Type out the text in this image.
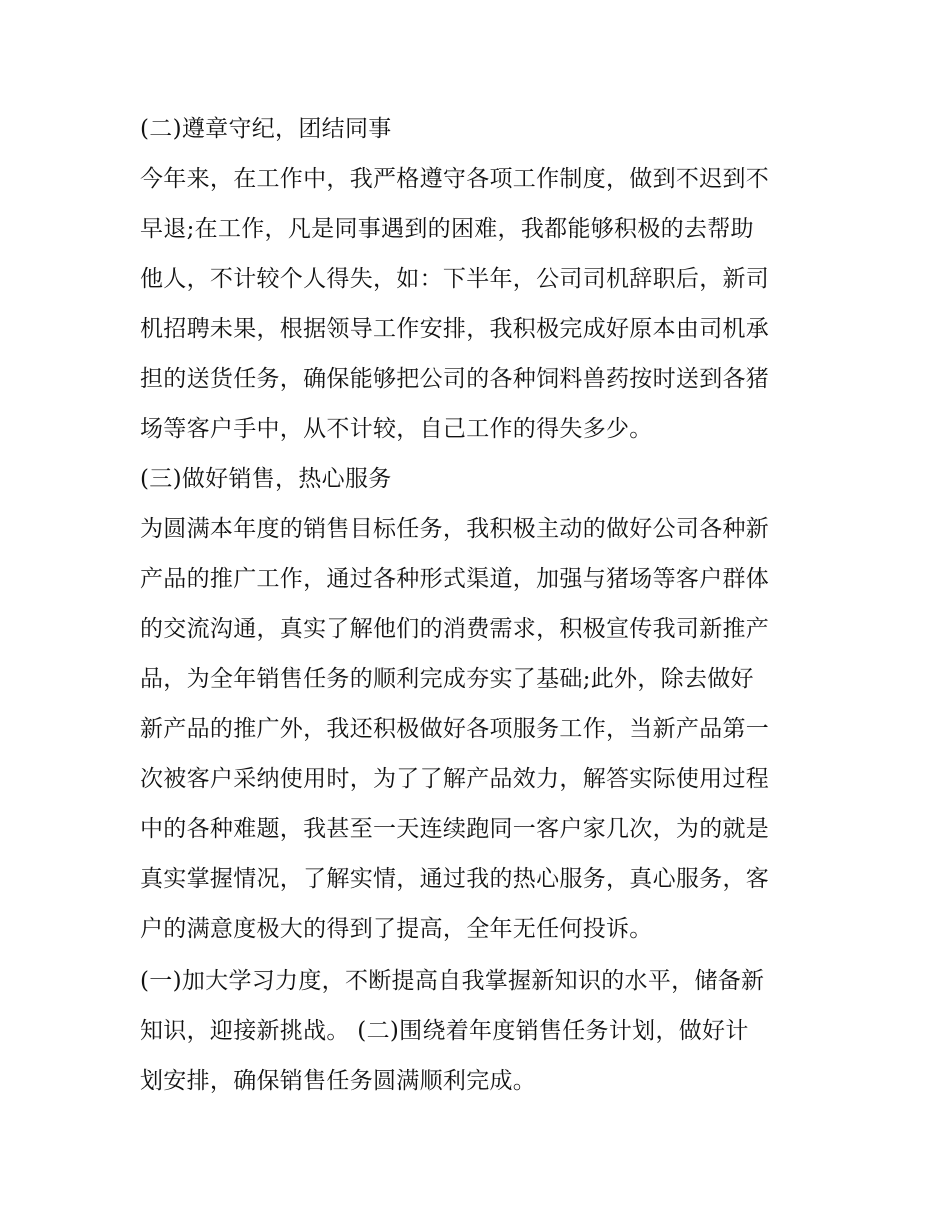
(二)遵章守纪，团结同事
今年来，在工作中，我严格遵守各项工作制度，做到不迟到不
早退;在工作，凡是同事遇到的困难，我都能够积极的去帮助
他人，不计较个人得失，如：下半年，公司司机辞职后，新司
机招聘未果，根据领导工作安排，我积极完成好原本由司机承
担的送货任务，确保能够把公司的各种饲料兽药按时送到各猪
场等客户手中，从不计较，自己工作的得失多少。
(三)做好销售，热心服务
为圆满本年度的销售目标任务，我积极主动的做好公司各种新
产品的推广工作，通过各种形式渠道，加强与猪场等客户群体
的交流沟通，真实了解他们的消费需求，积极宣传我司新推产
品，为全年销售任务的顺利完成夯实了基础;此外，除去做好
新产品的推广外，我还积极做好各项服务工作，当新产品第一
次被客户采纳使用时，为了了解产品效力，解答实际使用过程
中的各种难题，我甚至一天连续跑同一客户家几次，为的就是
真实掌握情况，了解实情，通过我的热心服务，真心服务，客
户的满意度极大的得到了提高，全年无任何投诉。
(一)加大学习力度，不断提高自我掌握新知识的水平，储备新
知识，迎接新挑战。 (二)围绕着年度销售任务计划，做好计
划安排，确保销售任务圆满顺利完成。
